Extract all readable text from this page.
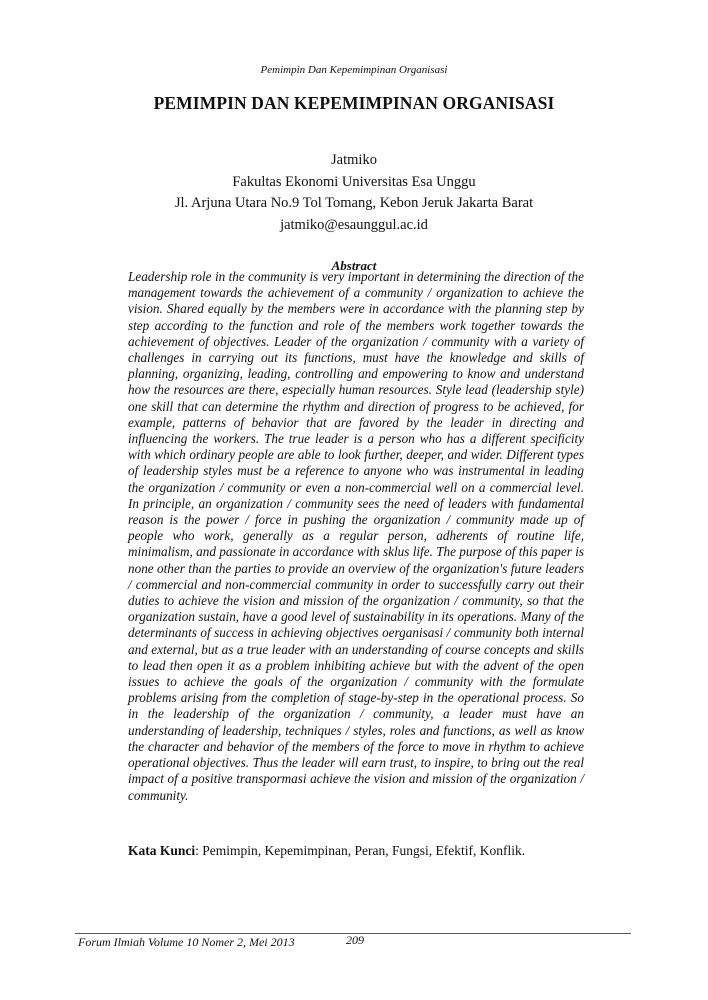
Pemimpin Dan Kepemimpinan Organisasi
PEMIMPIN DAN KEPEMIMPINAN ORGANISASI
Jatmiko
Fakultas Ekonomi Universitas Esa Unggu
Jl. Arjuna Utara No.9 Tol Tomang, Kebon Jeruk Jakarta Barat
jatmiko@esaunggul.ac.id
Abstract

Leadership role in the community is very important in determining the direction of the management towards the achievement of a community / organization to achieve the vision. Shared equally by the members were in accordance with the planning step by step according to the function and role of the members work together towards the achievement of objectives. Leader of the organization / community with a variety of challenges in carrying out its functions, must have the knowledge and skills of planning, organizing, leading, controlling and empowering to know and understand how the resources are there, especially human resources. Style lead (leadership style) one skill that can determine the rhythm and direction of progress to be achieved, for example, patterns of behavior that are favored by the leader in directing and influencing the workers. The true leader is a person who has a different specificity with which ordinary people are able to look further, deeper, and wider. Different types of leadership styles must be a reference to anyone who was instrumental in leading the organization / community or even a non-commercial well on a commercial level. In principle, an organization / community sees the need of leaders with fundamental reason is the power / force in pushing the organization / community made up of people who work, generally as a regular person, adherents of routine life, minimalism, and passionate in accordance with sklus life. The purpose of this paper is none other than the parties to provide an overview of the organization's future leaders / commercial and non-commercial community in order to successfully carry out their duties to achieve the vision and mission of the organization / community, so that the organization sustain, have a good level of sustainability in its operations. Many of the determinants of success in achieving objectives oerganisasi / community both internal and external, but as a true leader with an understanding of course concepts and skills to lead then open it as a problem inhibiting achieve but with the advent of the open issues to achieve the goals of the organization / community with the formulate problems arising from the completion of stage-by-step in the operational process. So in the leadership of the organization / community, a leader must have an understanding of leadership, techniques / styles, roles and functions, as well as know the character and behavior of the members of the force to move in rhythm to achieve operational objectives. Thus the leader will earn trust, to inspire, to bring out the real impact of a positive transpormasi achieve the vision and mission of the organization / community.

Kata Kunci: Pemimpin, Kepemimpinan, Peran, Fungsi, Efektif, Konflik.
Forum Ilmiah Volume 10 Nomer 2, Mei 2013	209
